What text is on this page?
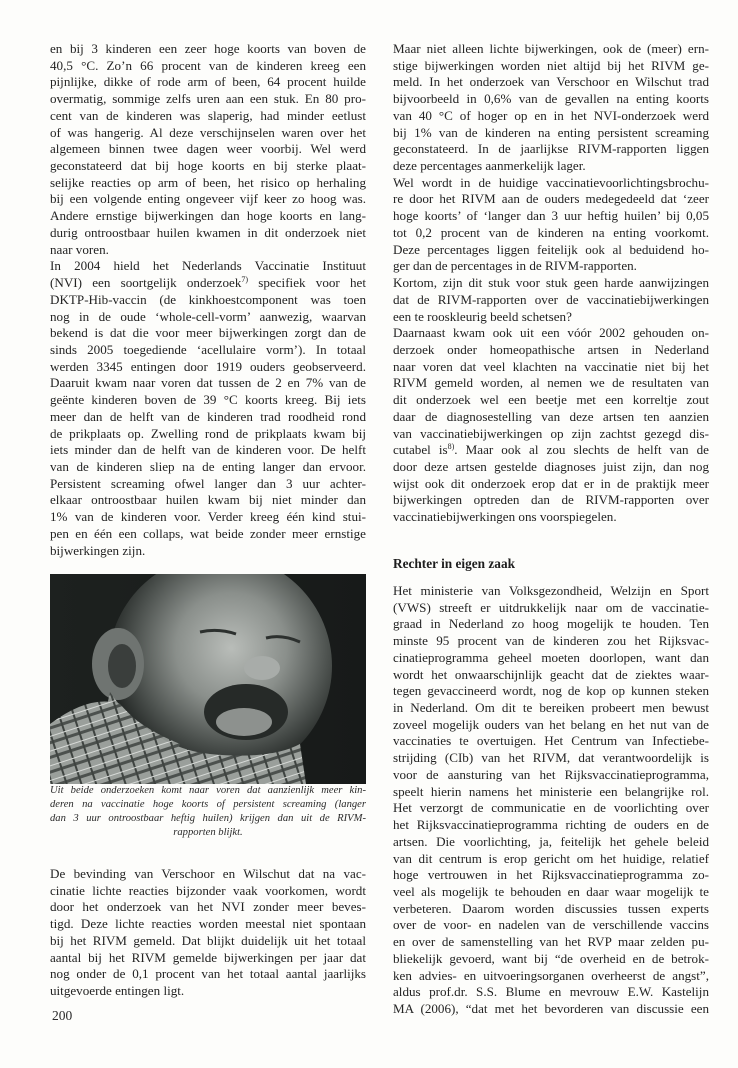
en bij 3 kinderen een zeer hoge koorts van boven de
40,5 °C. Zo’n 66 procent van de kinderen kreeg een
pijnlijke, dikke of rode arm of been, 64 procent huilde
overmatig, sommige zelfs uren aan een stuk. En 80 pro-
cent van de kinderen was slaperig, had minder eetlust
of was hangerig. Al deze verschijnselen waren over het
algemeen binnen twee dagen weer voorbij. Wel werd
geconstateerd dat bij hoge koorts en bij sterke plaat-
selijke reacties op arm of been, het risico op herhaling
bij een volgende enting ongeveer vijf keer zo hoog was.
Andere ernstige bijwerkingen dan hoge koorts en lang-
durig ontroostbaar huilen kwamen in dit onderzoek niet
naar voren.
In 2004 hield het Nederlands Vaccinatie Instituut
(NVI) een soortgelijk onderzoek$^{7)}$ specifiek voor het
DKTP-Hib-vaccin (de kinkhoestcomponent was toen
nog in de oude ‘whole-cell-vorm’ aanwezig, waarvan
bekend is dat die voor meer bijwerkingen zorgt dan de
sinds 2005 toegediende ‘acellulaire vorm’). In totaal
werden 3345 entingen door 1919 ouders geobserveerd.
Daaruit kwam naar voren dat tussen de 2 en 7% van de
geënte kinderen boven de 39 °C koorts kreeg. Bij iets
meer dan de helft van de kinderen trad roodheid rond
de prikplaats op. Zwelling rond de prikplaats kwam bij
iets minder dan de helft van de kinderen voor. De helft
van de kinderen sliep na de enting langer dan ervoor.
Persistent screaming ofwel langer dan 3 uur achter-
elkaar ontroostbaar huilen kwam bij niet minder dan
1% van de kinderen voor. Verder kreeg één kind stui-
pen en één een collaps, wat beide zonder meer ernstige
bijwerkingen zijn.
Uit beide onderzoeken komt naar voren dat aanzienlijk meer kin-
deren na vaccinatie hoge koorts of persistent screaming (langer
dan 3 uur ontroostbaar heftig huilen) krijgen dan uit de RIVM-
rapporten blijkt.
De bevinding van Verschoor en Wilschut dat na vac-
cinatie lichte reacties bijzonder vaak voorkomen, wordt
door het onderzoek van het NVI zonder meer beves-
tigd. Deze lichte reacties worden meestal niet spontaan
bij het RIVM gemeld. Dat blijkt duidelijk uit het totaal
aantal bij het RIVM gemelde bijwerkingen per jaar dat
nog onder de 0,1 procent van het totaal aantal jaarlijks
uitgevoerde entingen ligt.
Maar niet alleen lichte bijwerkingen, ook de (meer) ern-
stige bijwerkingen worden niet altijd bij het RIVM ge-
meld. In het onderzoek van Verschoor en Wilschut trad
bijvoorbeeld in 0,6% van de gevallen na enting koorts
van 40 °C of hoger op en in het NVI-onderzoek werd
bij 1% van de kinderen na enting persistent screaming
geconstateerd. In de jaarlijkse RIVM-rapporten liggen
deze percentages aanmerkelijk lager.
Wel wordt in de huidige vaccinatievoorlichtingsbrochu-
re door het RIVM aan de ouders medegedeeld dat ‘zeer
hoge koorts’ of ‘langer dan 3 uur heftig huilen’ bij 0,05
tot 0,2 procent van de kinderen na enting voorkomt.
Deze percentages liggen feitelijk ook al beduidend ho-
ger dan de percentages in de RIVM-rapporten.
Kortom, zijn dit stuk voor stuk geen harde aanwijzingen
dat de RIVM-rapporten over de vaccinatiebijwerkingen
een te rooskleurig beeld schetsen?
Daarnaast kwam ook uit een vóór 2002 gehouden on-
derzoek onder homeopathische artsen in Nederland
naar voren dat veel klachten na vaccinatie niet bij het
RIVM gemeld worden, al nemen we de resultaten van
dit onderzoek wel een beetje met een korreltje zout
daar de diagnosestelling van deze artsen ten aanzien
van vaccinatiebijwerkingen op zijn zachtst gezegd dis-
cutabel $is^{8)}$. Maar ook al zou slechts de helft van de
door deze artsen gestelde diagnoses juist zijn, dan nog
wijst ook dit onderzoek erop dat er in de praktijk meer
bijwerkingen optreden dan de RIVM-rapporten over
vaccinatiebijwerkingen ons voorspiegelen.
Rechter in eigen zaak
Het ministerie van Volksgezondheid, Welzijn en Sport
(VWS) streeft er uitdrukkelijk naar om de vaccinatie-
graad in Nederland zo hoog mogelijk te houden. Ten
minste 95 procent van de kinderen zou het Rijksvac-
cinatieprogramma geheel moeten doorlopen, want dan
wordt het onwaarschijnlijk geacht dat de ziektes waar-
tegen gevaccineerd wordt, nog de kop op kunnen steken
in Nederland. Om dit te bereiken probeert men bewust
zoveel mogelijk ouders van het belang en het nut van de
vaccinaties te overtuigen. Het Centrum van Infectiebe-
strijding (CIb) van het RIVM, dat verantwoordelijk is
voor de aansturing van het Rijksvaccinatieprogramma,
speelt hierin namens het ministerie een belangrijke rol.
Het verzorgt de communicatie en de voorlichting over
het Rijksvaccinatieprogramma richting de ouders en de
artsen. Die voorlichting, ja, feitelijk het gehele beleid
van dit centrum is erop gericht om het huidige, relatief
hoge vertrouwen in het Rijksvaccinatieprogramma zo-
veel als mogelijk te behouden en daar waar mogelijk te
verbeteren. Daarom worden discussies tussen experts
over de voor- en nadelen van de verschillende vaccins
en over de samenstelling van het RVP maar zelden pu-
bliekelijk gevoerd, want bij “de overheid en de betrok-
ken advies- en uitvoeringsorganen overheerst de angst”,
aldus prof.dr. S.S. Blume en mevrouw E.W. Kastelijn
MA (2006), “dat met het bevorderen van discussie een
200
